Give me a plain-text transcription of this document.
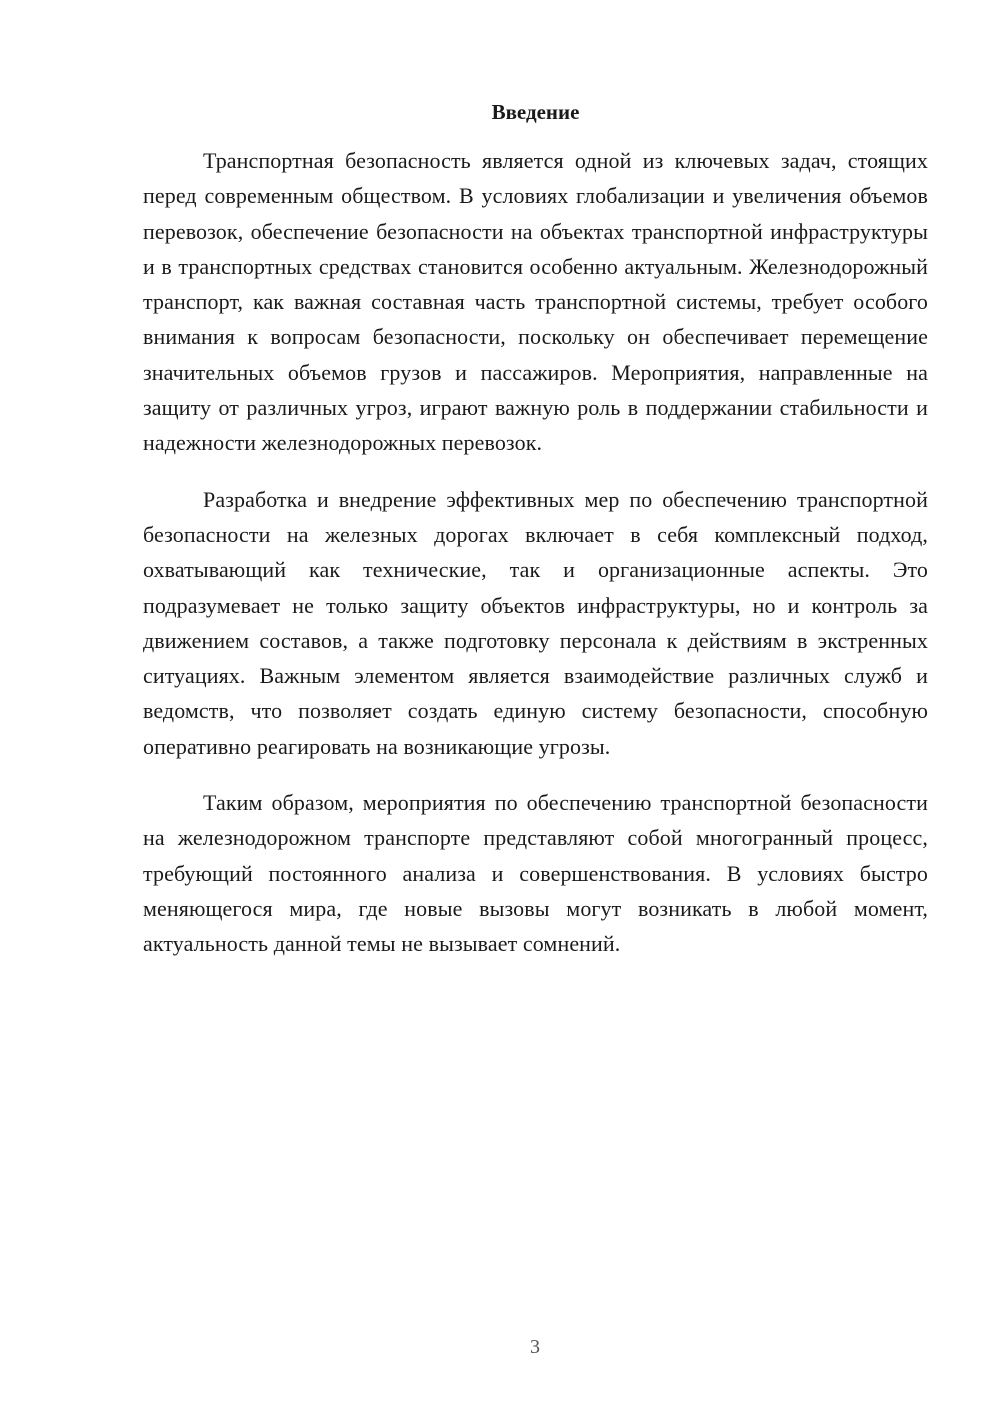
Введение

Транспортная безопасность является одной из ключевых задач, стоящих перед современным обществом. В условиях глобализации и увеличения объемов перевозок, обеспечение безопасности на объектах транспортной инфраструктуры и в транспортных средствах становится особенно актуальным. Железнодорожный транспорт, как важная составная часть транспортной системы, требует особого внимания к вопросам безопасности, поскольку он обеспечивает перемещение значительных объемов грузов и пассажиров. Мероприятия, направленные на защиту от различных угроз, играют важную роль в поддержании стабильности и надежности железнодорожных перевозок.

Разработка и внедрение эффективных мер по обеспечению транспортной безопасности на железных дорогах включает в себя комплексный подход, охватывающий как технические, так и организационные аспекты. Это подразумевает не только защиту объектов инфраструктуры, но и контроль за движением составов, а также подготовку персонала к действиям в экстренных ситуациях. Важным элементом является взаимодействие различных служб и ведомств, что позволяет создать единую систему безопасности, способную оперативно реагировать на возникающие угрозы.

Таким образом, мероприятия по обеспечению транспортной безопасности на железнодорожном транспорте представляют собой многогранный процесс, требующий постоянного анализа и совершенствования. В условиях быстро меняющегося мира, где новые вызовы могут возникать в любой момент, актуальность данной темы не вызывает сомнений.

3
